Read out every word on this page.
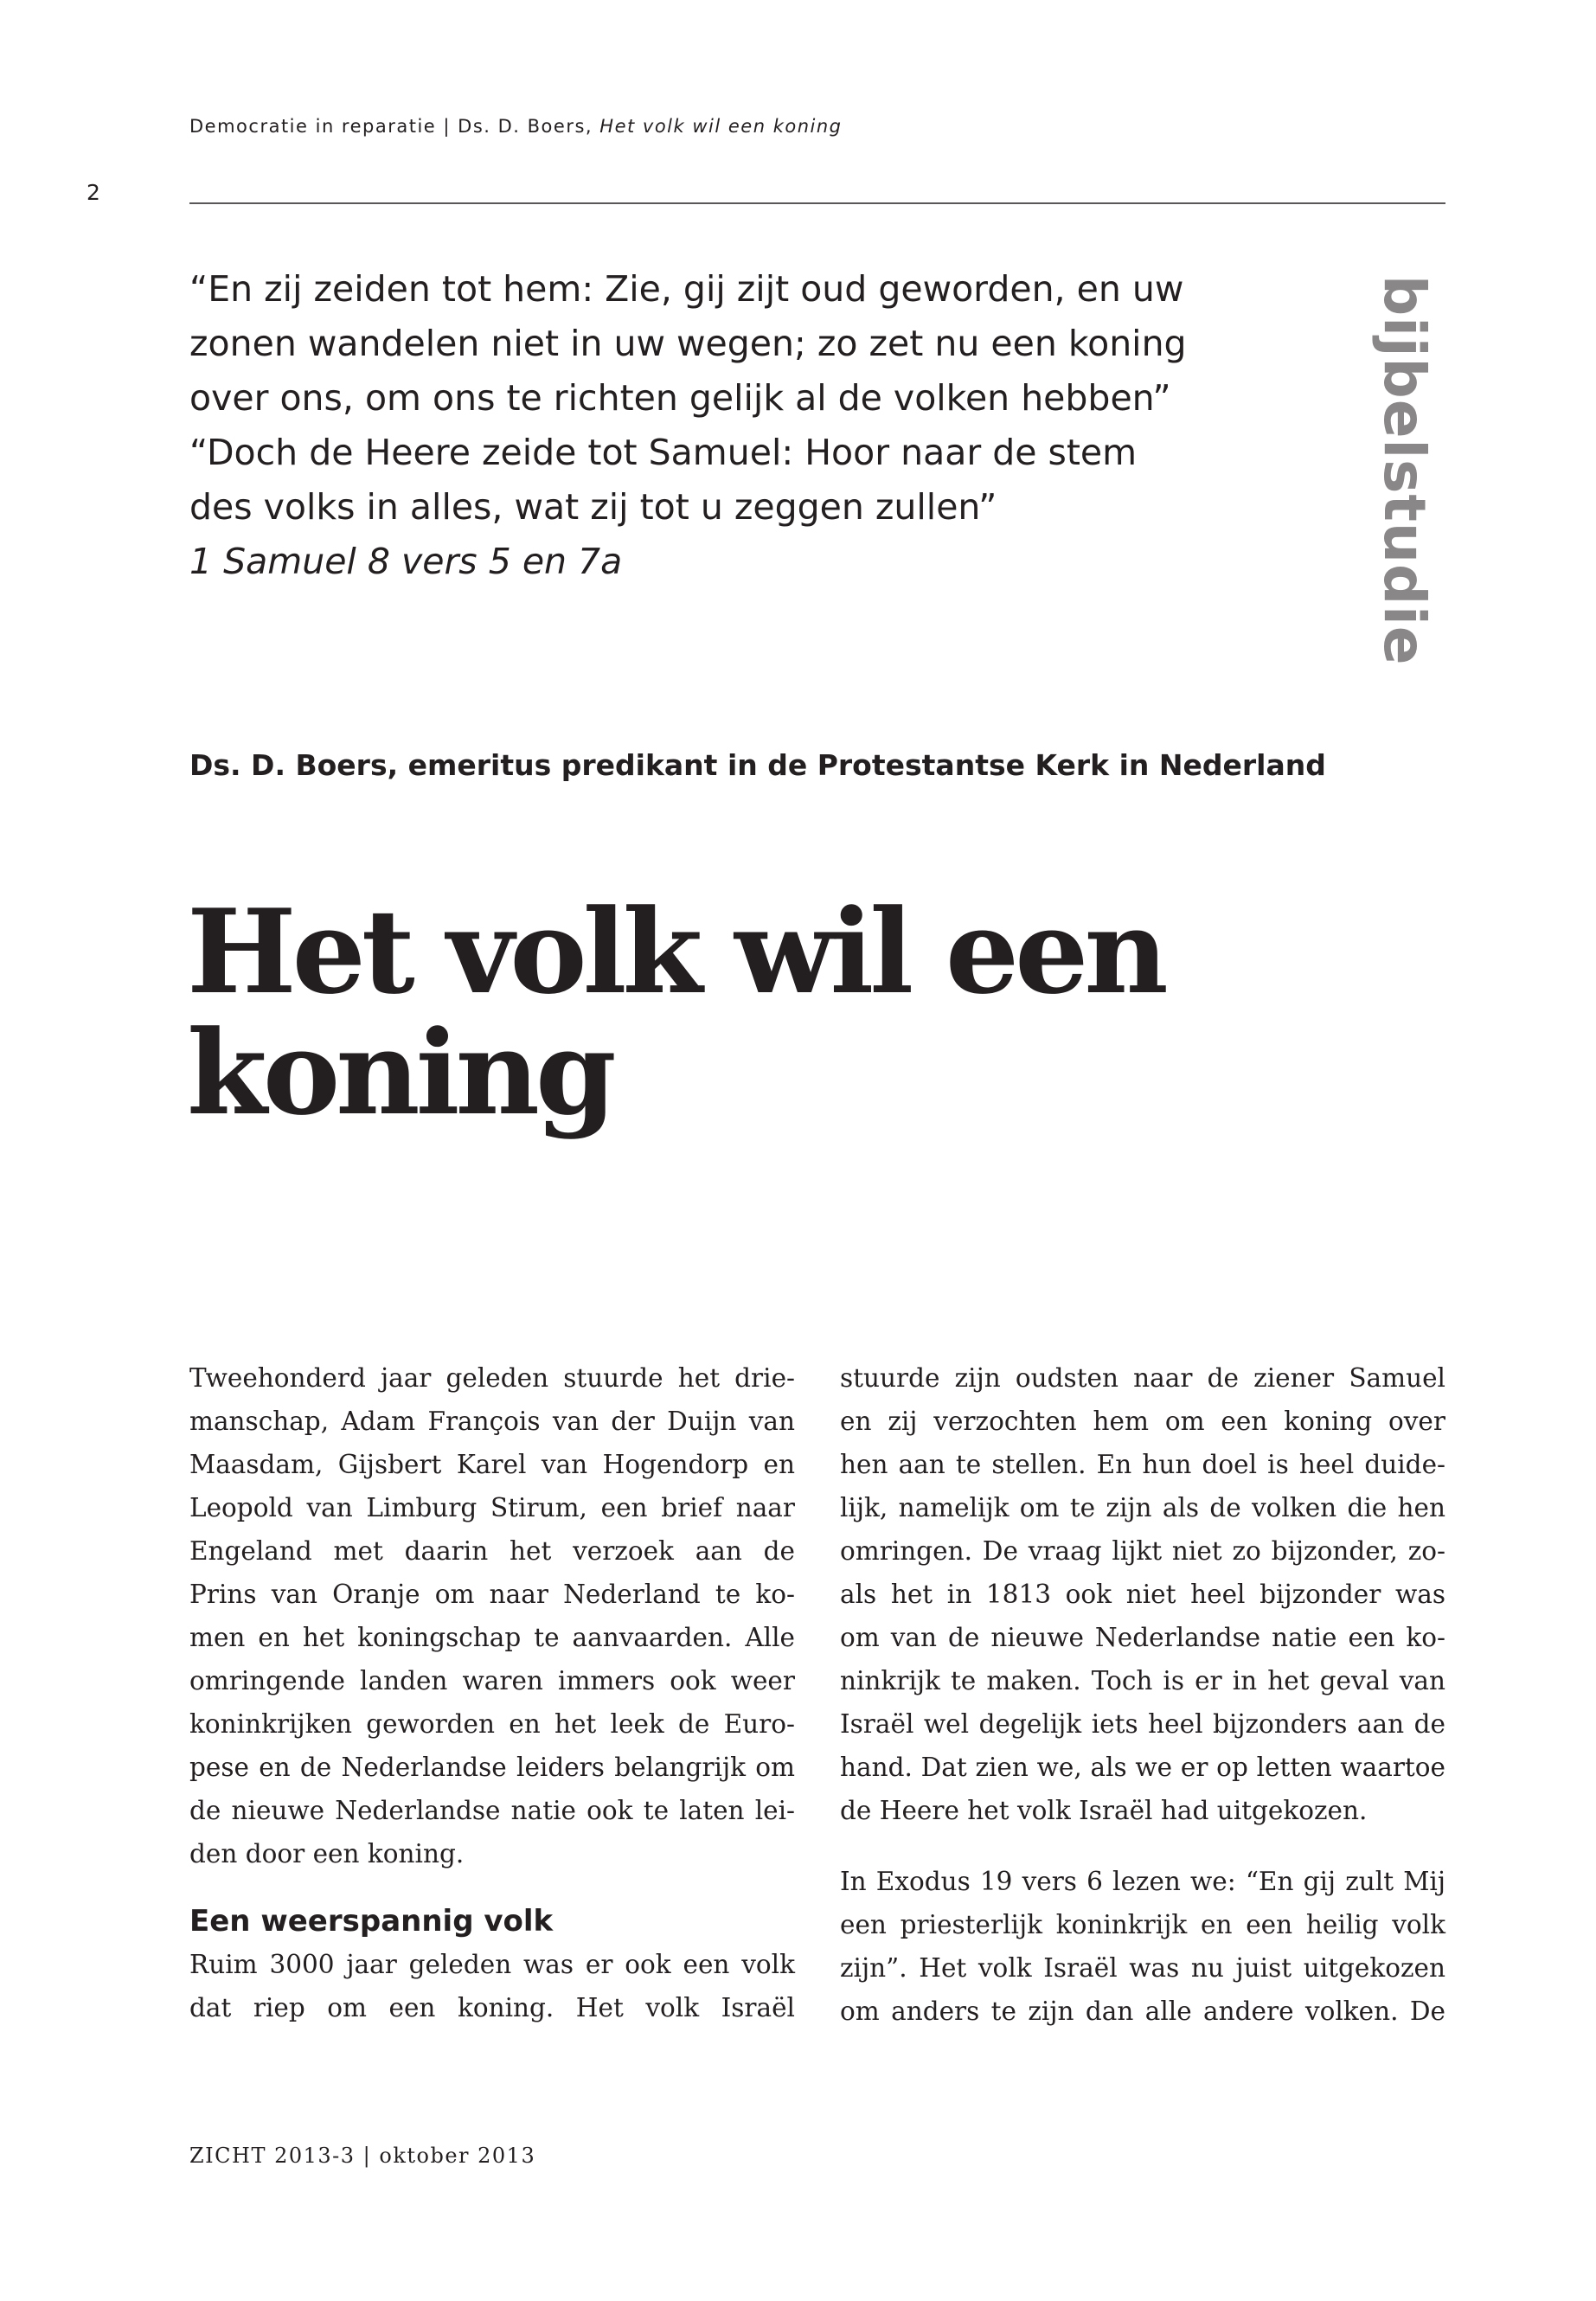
Democratie in reparatie | Ds. D. Boers, Het volk wil een koning
2
“En zij zeiden tot hem: Zie, gij zijt oud geworden, en uw
zonen wandelen niet in uw wegen; zo zet nu een koning
over ons, om ons te richten gelijk al de volken hebben”
“Doch de Heere zeide tot Samuel: Hoor naar de stem
des volks in alles, wat zij tot u zeggen zullen”
1 Samuel 8 vers 5 en 7a	bijbelstudie
Ds. D. Boers, emeritus predikant in de Protestantse Kerk in Nederland
Het volk wil een
koning
Tweehonderd jaar geleden stuurde het drie-
manschap, Adam François van der Duijn van
Maasdam, Gijsbert Karel van Hogendorp en
Leopold van Limburg Stirum, een brief naar
Engeland met daarin het verzoek aan de
Prins van Oranje om naar Nederland te ko-
men en het koningschap te aanvaarden. Alle
omringende landen waren immers ook weer
koninkrijken geworden en het leek de Euro-
pese en de Nederlandse leiders belangrijk om
de nieuwe Nederlandse natie ook te laten lei-
den door een koning.
Een weerspannig volk
Ruim 3000 jaar geleden was er ook een volk
dat riep om een koning. Het volk Israël
stuurde zijn oudsten naar de ziener Samuel
en zij verzochten hem om een koning over
hen aan te stellen. En hun doel is heel duide-
lijk, namelijk om te zijn als de volken die hen
omringen. De vraag lijkt niet zo bijzonder, zo-
als het in 1813 ook niet heel bijzonder was
om van de nieuwe Nederlandse natie een ko-
ninkrijk te maken. Toch is er in het geval van
Israël wel degelijk iets heel bijzonders aan de
hand. Dat zien we, als we er op letten waartoe
de Heere het volk Israël had uitgekozen.
In Exodus 19 vers 6 lezen we: “En gij zult Mij
een priesterlijk koninkrijk en een heilig volk
zijn”. Het volk Israël was nu juist uitgekozen
om anders te zijn dan alle andere volken. De
ZICHT 2013-3 | oktober 2013
